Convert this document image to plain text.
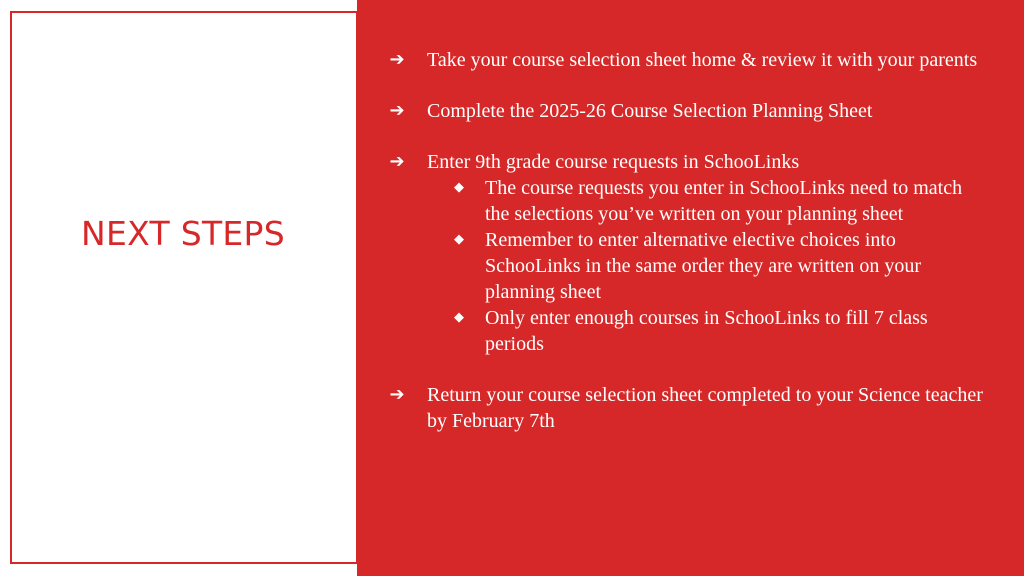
NEXT STEPS
➔	Take your course selection sheet home & review it with your parents
➔	Complete the 2025-26 Course Selection Planning Sheet
➔	Enter 9th grade course requests in SchooLinks
◆ The course requests you enter in SchooLinks need to match the selections you’ve written on your planning sheet
◆ Remember to enter alternative elective choices into SchooLinks in the same order they are written on your planning sheet
◆ Only enter enough courses in SchooLinks to fill 7 class periods
➔	Return your course selection sheet completed to your Science teacher by February 7th
